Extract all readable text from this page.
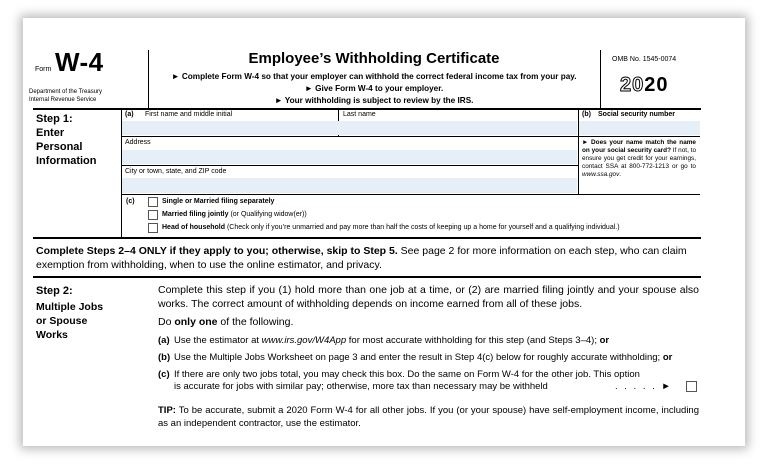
Form W-4
Department of the Treasury
Internal Revenue Service
Employee’s Withholding Certificate
► Complete Form W-4 so that your employer can withhold the correct federal income tax from your pay.
► Give Form W-4 to your employer.
► Your withholding is subject to review by the IRS.
OMB No. 1545-0074
2020
Step 1:
Enter
Personal
Information
(a) First name and middle initial	Last name	(b) Social security number
Address
City or town, state, and ZIP code
► Does your name match the name on your social security card? If not, to ensure you get credit for your earnings, contact SSA at 800-772-1213 or go to www.ssa.gov.
(c)	Single or Married filing separately
Married filing jointly (or Qualifying widow(er))
Head of household (Check only if you’re unmarried and pay more than half the costs of keeping up a home for yourself and a qualifying individual.)
Complete Steps 2–4 ONLY if they apply to you; otherwise, skip to Step 5. See page 2 for more information on each step, who can claim exemption from withholding, when to use the online estimator, and privacy.
Step 2:
Multiple Jobs
or Spouse
Works
Complete this step if you (1) hold more than one job at a time, or (2) are married filing jointly and your spouse also works. The correct amount of withholding depends on income earned from all of these jobs.
Do only one of the following.
(a) Use the estimator at www.irs.gov/W4App for most accurate withholding for this step (and Steps 3–4); or
(b) Use the Multiple Jobs Worksheet on page 3 and enter the result in Step 4(c) below for roughly accurate withholding; or
(c) If there are only two jobs total, you may check this box. Do the same on Form W-4 for the other job. This option
is accurate for jobs with similar pay; otherwise, more tax than necessary may be withheld	. . . . . ►
TIP: To be accurate, submit a 2020 Form W-4 for all other jobs. If you (or your spouse) have self-employment income, including as an independent contractor, use the estimator.
